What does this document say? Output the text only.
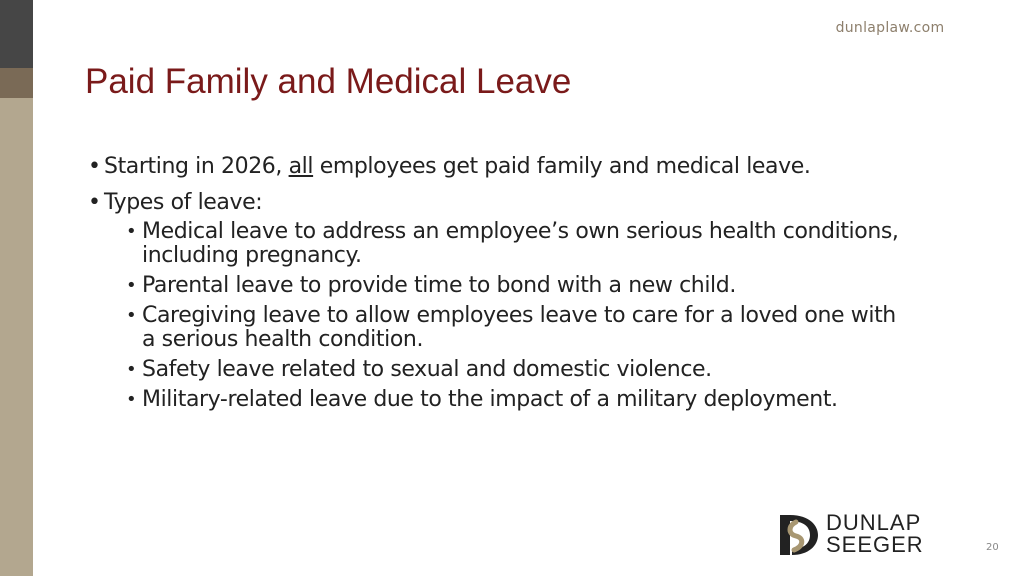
dunlaplaw.com
Paid Family and Medical Leave
• Starting in 2026, all employees get paid family and medical leave.
• Types of leave:
• Medical leave to address an employee’s own serious health conditions,
including pregnancy.
• Parental leave to provide time to bond with a new child.
• Caregiving leave to allow employees leave to care for a loved one with
a serious health condition.
• Safety leave related to sexual and domestic violence.
• Military-related leave due to the impact of a military deployment.
DUNLAP
SEEGER	20
